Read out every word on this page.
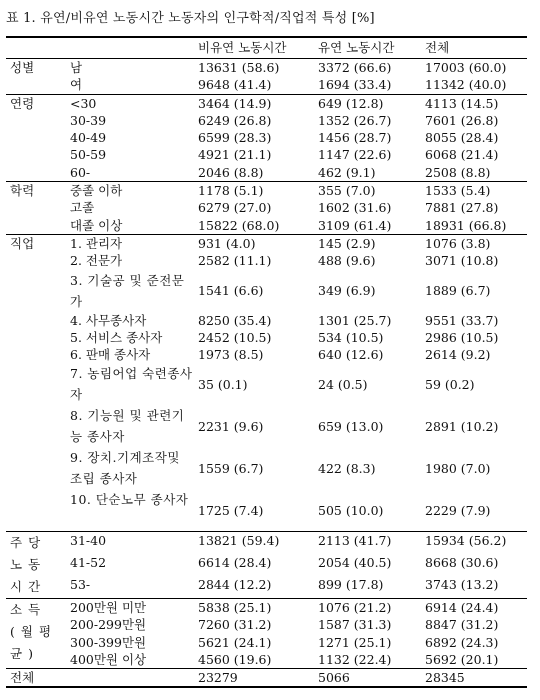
표 1. 유연/비유연 노동시간 노동자의 인구학적/직업적 특성 [%]
		비유연 노동시간	유연 노동시간	전체
성별	남	13631 (58.6)	3372 (66.6)	17003 (60.0)
	여	9648 (41.4)	1694 (33.4)	11342 (40.0)
연령	<30	3464 (14.9)	649 (12.8)	4113 (14.5)
	30-39	6249 (26.8)	1352 (26.7)	7601 (26.8)
	40-49	6599 (28.3)	1456 (28.7)	8055 (28.4)
	50-59	4921 (21.1)	1147 (22.6)	6068 (21.4)
	60-	2046 (8.8)	462 (9.1)	2508 (8.8)
학력	중졸 이하	1178 (5.1)	355 (7.0)	1533 (5.4)
	고졸	6279 (27.0)	1602 (31.6)	7881 (27.8)
	대졸 이상	15822 (68.0)	3109 (61.4)	18931 (66.8)
직업	1. 관리자	931 (4.0)	145 (2.9)	1076 (3.8)
	2. 전문가	2582 (11.1)	488 (9.6)	3071 (10.8)
	3. 기술공 및 준전문가	1541 (6.6)	349 (6.9)	1889 (6.7)
	4. 사무종사자	8250 (35.4)	1301 (25.7)	9551 (33.7)
	5. 서비스 종사자	2452 (10.5)	534 (10.5)	2986 (10.5)
	6. 판매 종사자	1973 (8.5)	640 (12.6)	2614 (9.2)
	7. 농림어업 숙련종사자	35 (0.1)	24 (0.5)	59 (0.2)
	8. 기능원 및 관련기능 종사자	2231 (9.6)	659 (13.0)	2891 (10.2)
	9. 장치.기계조작및 조립 종사자	1559 (6.7)	422 (8.3)	1980 (7.0)
	10. 단순노무 종사자	1725 (7.4)	505 (10.0)	2229 (7.9)
주당 노동 시간	31-40	13821 (59.4)	2113 (41.7)	15934 (56.2)
	41-52	6614 (28.4)	2054 (40.5)	8668 (30.6)
	53-	2844 (12.2)	899 (17.8)	3743 (13.2)
소득 (월평균)	200만원 미만	5838 (25.1)	1076 (21.2)	6914 (24.4)
	200-299만원	7260 (31.2)	1587 (31.3)	8847 (31.2)
	300-399만원	5621 (24.1)	1271 (25.1)	6892 (24.3)
	400만원 이상	4560 (19.6)	1132 (22.4)	5692 (20.1)
전체		23279	5066	28345
